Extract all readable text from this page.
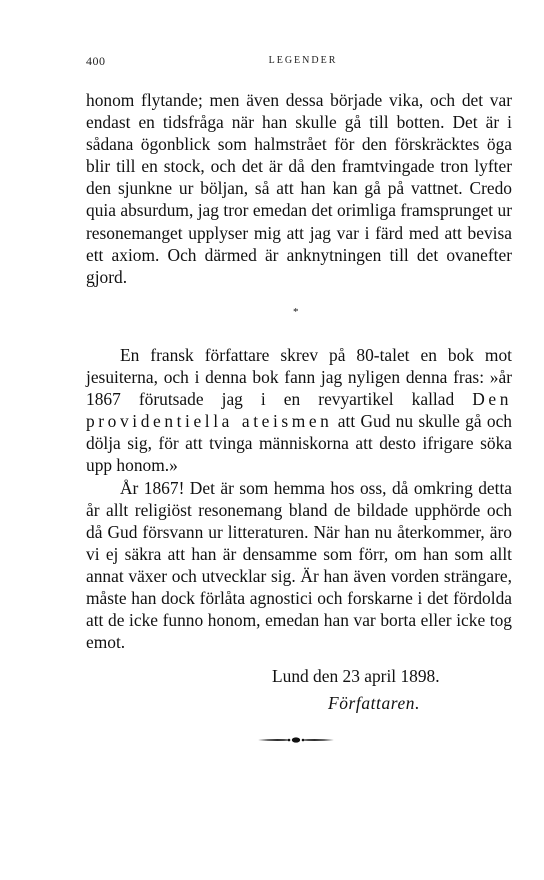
400	LEGENDER

honom flytande; men även dessa började vika, och det var endast en tidsfråga när han skulle gå till botten. Det är i sådana ögonblick som halmstrået för den förskräcktes öga blir till en stock, och det är då den framtvingade tron lyfter den sjunkne ur böljan, så att han kan gå på vattnet. Credo quia absurdum, jag tror emedan det orimliga framsprunget ur resonemanget upplyser mig att jag var i färd med att bevisa ett axiom. Och därmed är anknytningen till det ovanefter gjord.

*

En fransk författare skrev på 80-talet en bok mot jesuiterna, och i denna bok fann jag nyligen denna fras: »år 1867 förutsade jag i en revyartikel kallad Den providentiella ateismen att Gud nu skulle gå och dölja sig, för att tvinga människorna att desto ifrigare söka upp honom.»

År 1867! Det är som hemma hos oss, då omkring detta år allt religiöst resonemang bland de bildade upphörde och då Gud försvann ur litteraturen. När han nu återkommer, äro vi ej säkra att han är densamme som förr, om han som allt annat växer och utvecklar sig. Är han även vorden strängare, måste han dock förlåta agnostici och forskarne i det fördolda att de icke funno honom, emedan han var borta eller icke tog emot.

Lund den 23 april 1898.
Författaren.
